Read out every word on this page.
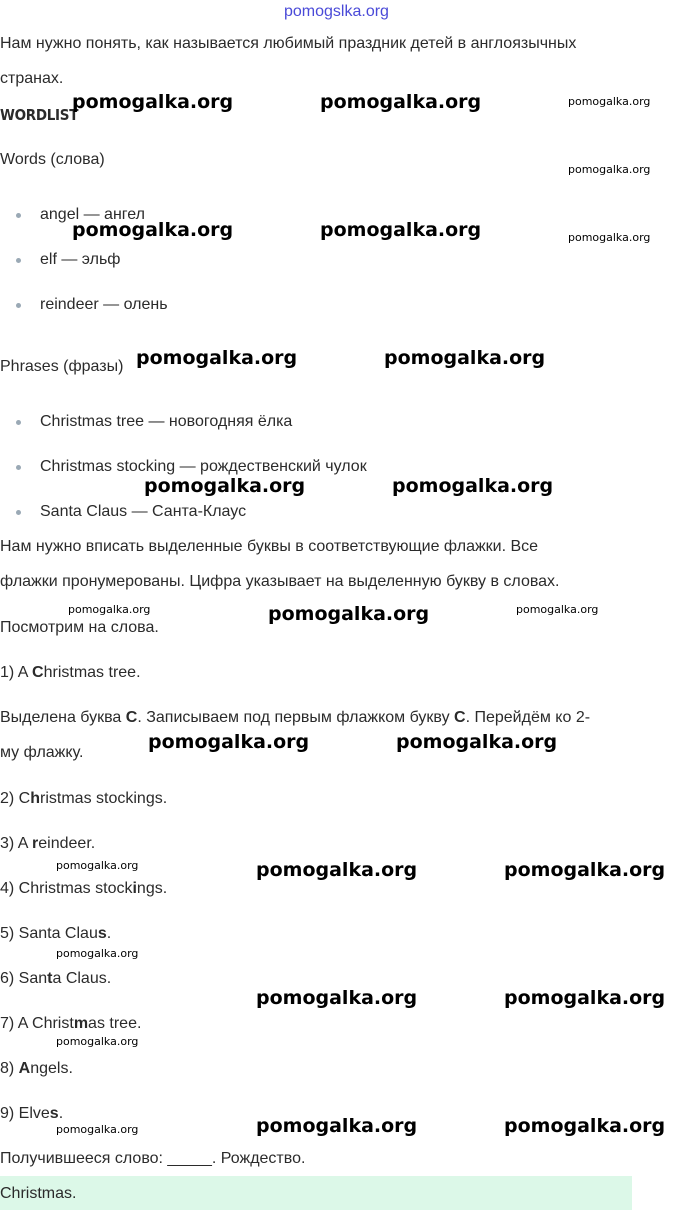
pomogslka.org
Нам нужно понять, как называется любимый праздник детей в англоязычных
странах.
WORDLIST
Words (слова)
angel — ангел
elf — эльф
reindeer — олень
Phrases (фразы)
Christmas tree — новогодняя ёлка
Christmas stocking — рождественский чулок
Santa Claus — Санта-Клаус
Нам нужно вписать выделенные буквы в соответствующие флажки. Все
флажки пронумерованы. Цифра указывает на выделенную букву в словах.
Посмотрим на слова.
1) A Christmas tree.
Выделена буква C. Записываем под первым флажком букву C. Перейдём ко 2-
му флажку.
2) Christmas stockings.
3) A reindeer.
4) Christmas stockings.
5) Santa Claus.
6) Santa Claus.
7) A Christmas tree.
8) Angels.
9) Elves.
Получившееся слово: _____. Рождество.
Christmas.
pomogalka.org	pomogalka.org	pomogalka.org
pomogalka.org
pomogalka.org	pomogalka.org	pomogalka.org
pomogalka.org	pomogalka.org
pomogalka.org	pomogalka.org
pomogalka.org	pomogalka.org	pomogalka.org
pomogalka.org	pomogalka.org
pomogalka.org	pomogalka.org	pomogalka.org
pomogalka.org
pomogalka.org	pomogalka.org
pomogalka.org
pomogalka.org	pomogalka.org	pomogalka.org
